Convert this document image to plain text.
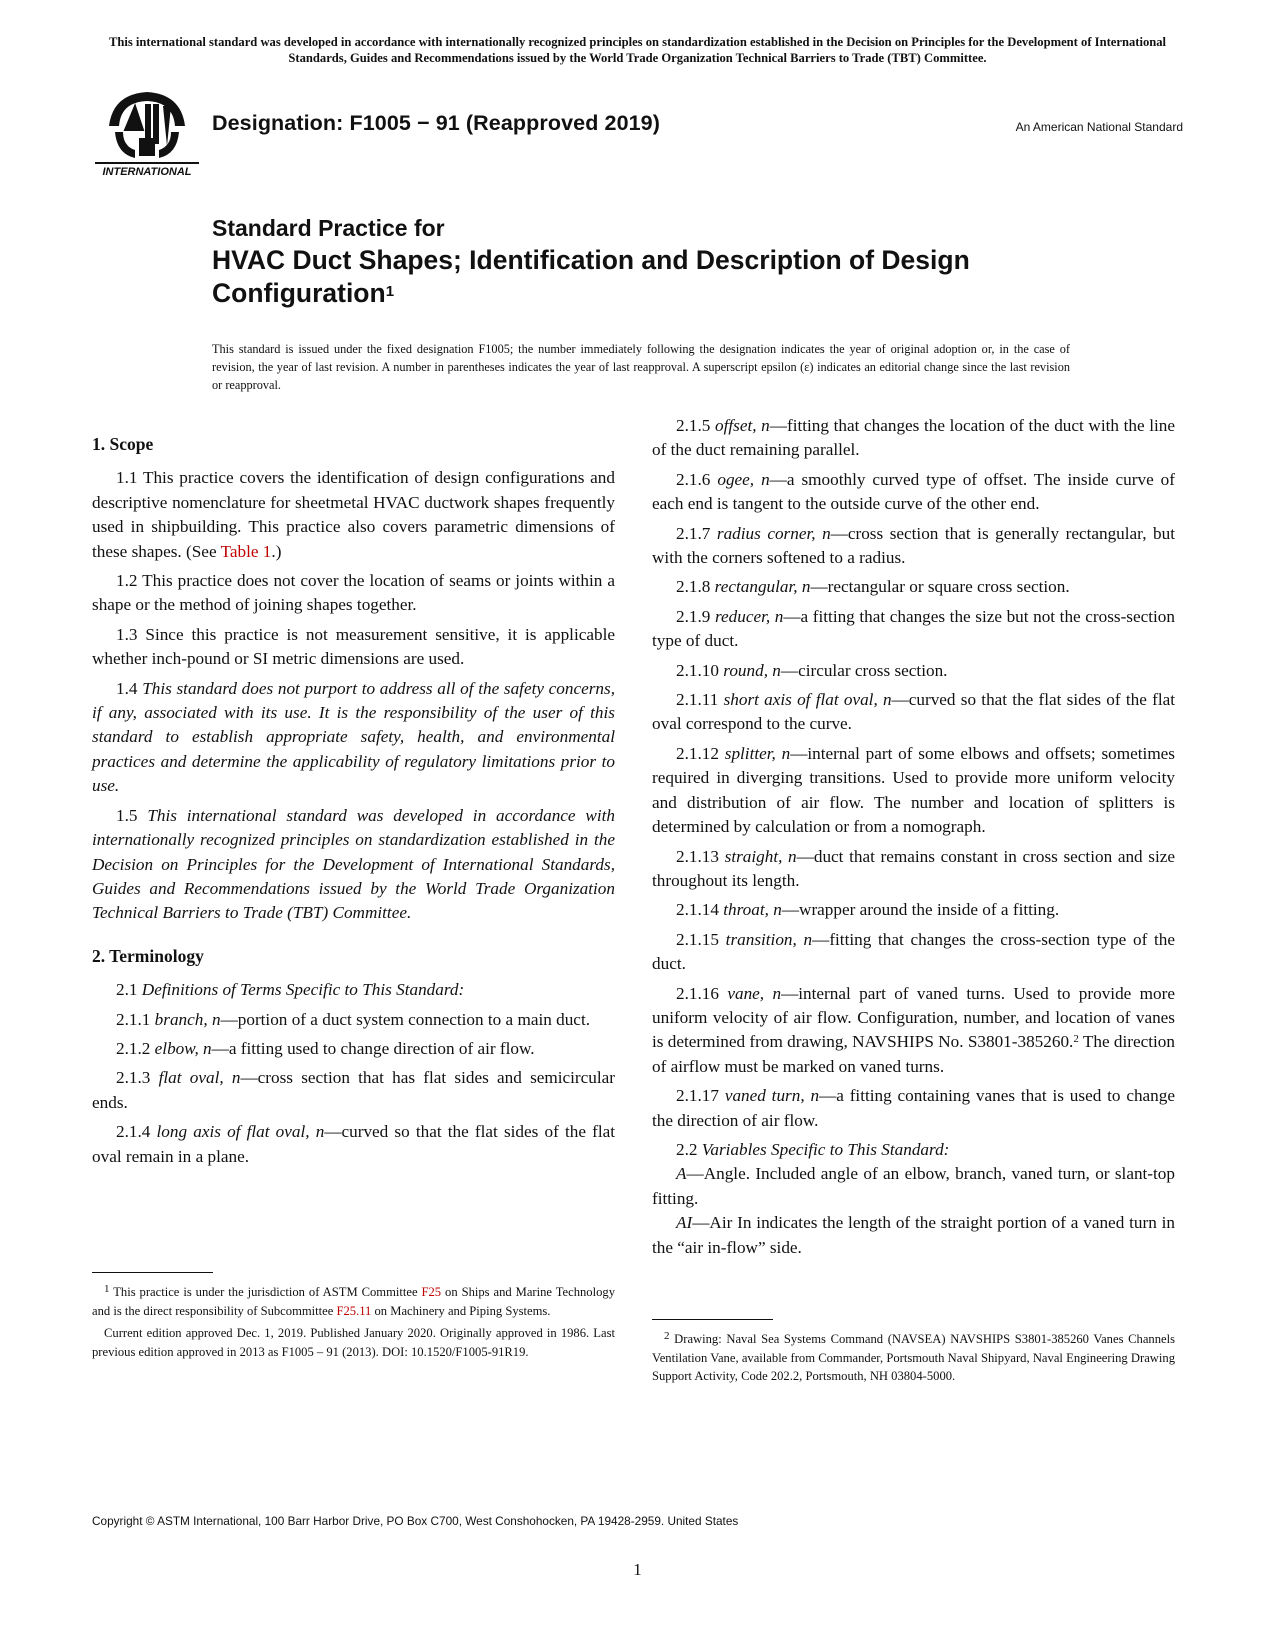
This international standard was developed in accordance with internationally recognized principles on standardization established in the Decision on Principles for the Development of International Standards, Guides and Recommendations issued by the World Trade Organization Technical Barriers to Trade (TBT) Committee.
INTERNATIONAL
Designation: F1005 − 91 (Reapproved 2019)	An American National Standard
Standard Practice for
HVAC Duct Shapes; Identification and Description of Design Configuration$^1$
This standard is issued under the fixed designation F1005; the number immediately following the designation indicates the year of original adoption or, in the case of revision, the year of last revision. A number in parentheses indicates the year of last reapproval. A superscript epsilon (ε) indicates an editorial change since the last revision or reapproval.
1. Scope

1.1 This practice covers the identification of design configurations and descriptive nomenclature for sheetmetal HVAC ductwork shapes frequently used in shipbuilding. This practice also covers parametric dimensions of these shapes. (See Table 1.)

1.2 This practice does not cover the location of seams or joints within a shape or the method of joining shapes together.

1.3 Since this practice is not measurement sensitive, it is applicable whether inch-pound or SI metric dimensions are used.

1.4 This standard does not purport to address all of the safety concerns, if any, associated with its use. It is the responsibility of the user of this standard to establish appropriate safety, health, and environmental practices and determine the applicability of regulatory limitations prior to use.

1.5 This international standard was developed in accordance with internationally recognized principles on standardization established in the Decision on Principles for the Development of International Standards, Guides and Recommendations issued by the World Trade Organization Technical Barriers to Trade (TBT) Committee.

2. Terminology

2.1 Definitions of Terms Specific to This Standard:

2.1.1 branch, n—portion of a duct system connection to a main duct.

2.1.2 elbow, n—a fitting used to change direction of air flow.

2.1.3 flat oval, n—cross section that has flat sides and semicircular ends.

2.1.4 long axis of flat oval, n—curved so that the flat sides of the flat oval remain in a plane.

$^1$ This practice is under the jurisdiction of ASTM Committee F25 on Ships and Marine Technology and is the direct responsibility of Subcommittee F25.11 on Machinery and Piping Systems.

Current edition approved Dec. 1, 2019. Published January 2020. Originally approved in 1986. Last previous edition approved in 2013 as F1005 – 91 (2013). DOI: 10.1520/F1005-91R19.

2.1.5 offset, n—fitting that changes the location of the duct with the line of the duct remaining parallel.

2.1.6 ogee, n—a smoothly curved type of offset. The inside curve of each end is tangent to the outside curve of the other end.

2.1.7 radius corner, n—cross section that is generally rectangular, but with the corners softened to a radius.

2.1.8 rectangular, n—rectangular or square cross section.

2.1.9 reducer, n—a fitting that changes the size but not the cross-section type of duct.

2.1.10 round, n—circular cross section.

2.1.11 short axis of flat oval, n—curved so that the flat sides of the flat oval correspond to the curve.

2.1.12 splitter, n—internal part of some elbows and offsets; sometimes required in diverging transitions. Used to provide more uniform velocity and distribution of air flow. The number and location of splitters is determined by calculation or from a nomograph.

2.1.13 straight, n—duct that remains constant in cross section and size throughout its length.

2.1.14 throat, n—wrapper around the inside of a fitting.

2.1.15 transition, n—fitting that changes the cross-section type of the duct.

2.1.16 vane, n—internal part of vaned turns. Used to provide more uniform velocity of air flow. Configuration, number, and location of vanes is determined from drawing, NAVSHIPS No. S3801-385260.$^2$ The direction of airflow must be marked on vaned turns.

2.1.17 vaned turn, n—a fitting containing vanes that is used to change the direction of air flow.

2.2 Variables Specific to This Standard:

A—Angle. Included angle of an elbow, branch, vaned turn, or slant-top fitting.

AI—Air In indicates the length of the straight portion of a vaned turn in the “air in-flow” side.

$^2$ Drawing: Naval Sea Systems Command (NAVSEA) NAVSHIPS S3801-385260 Vanes Channels Ventilation Vane, available from Commander, Portsmouth Naval Shipyard, Naval Engineering Drawing Support Activity, Code 202.2, Portsmouth, NH 03804-5000.

Copyright © ASTM International, 100 Barr Harbor Drive, PO Box C700, West Conshohocken, PA 19428-2959. United States
1
